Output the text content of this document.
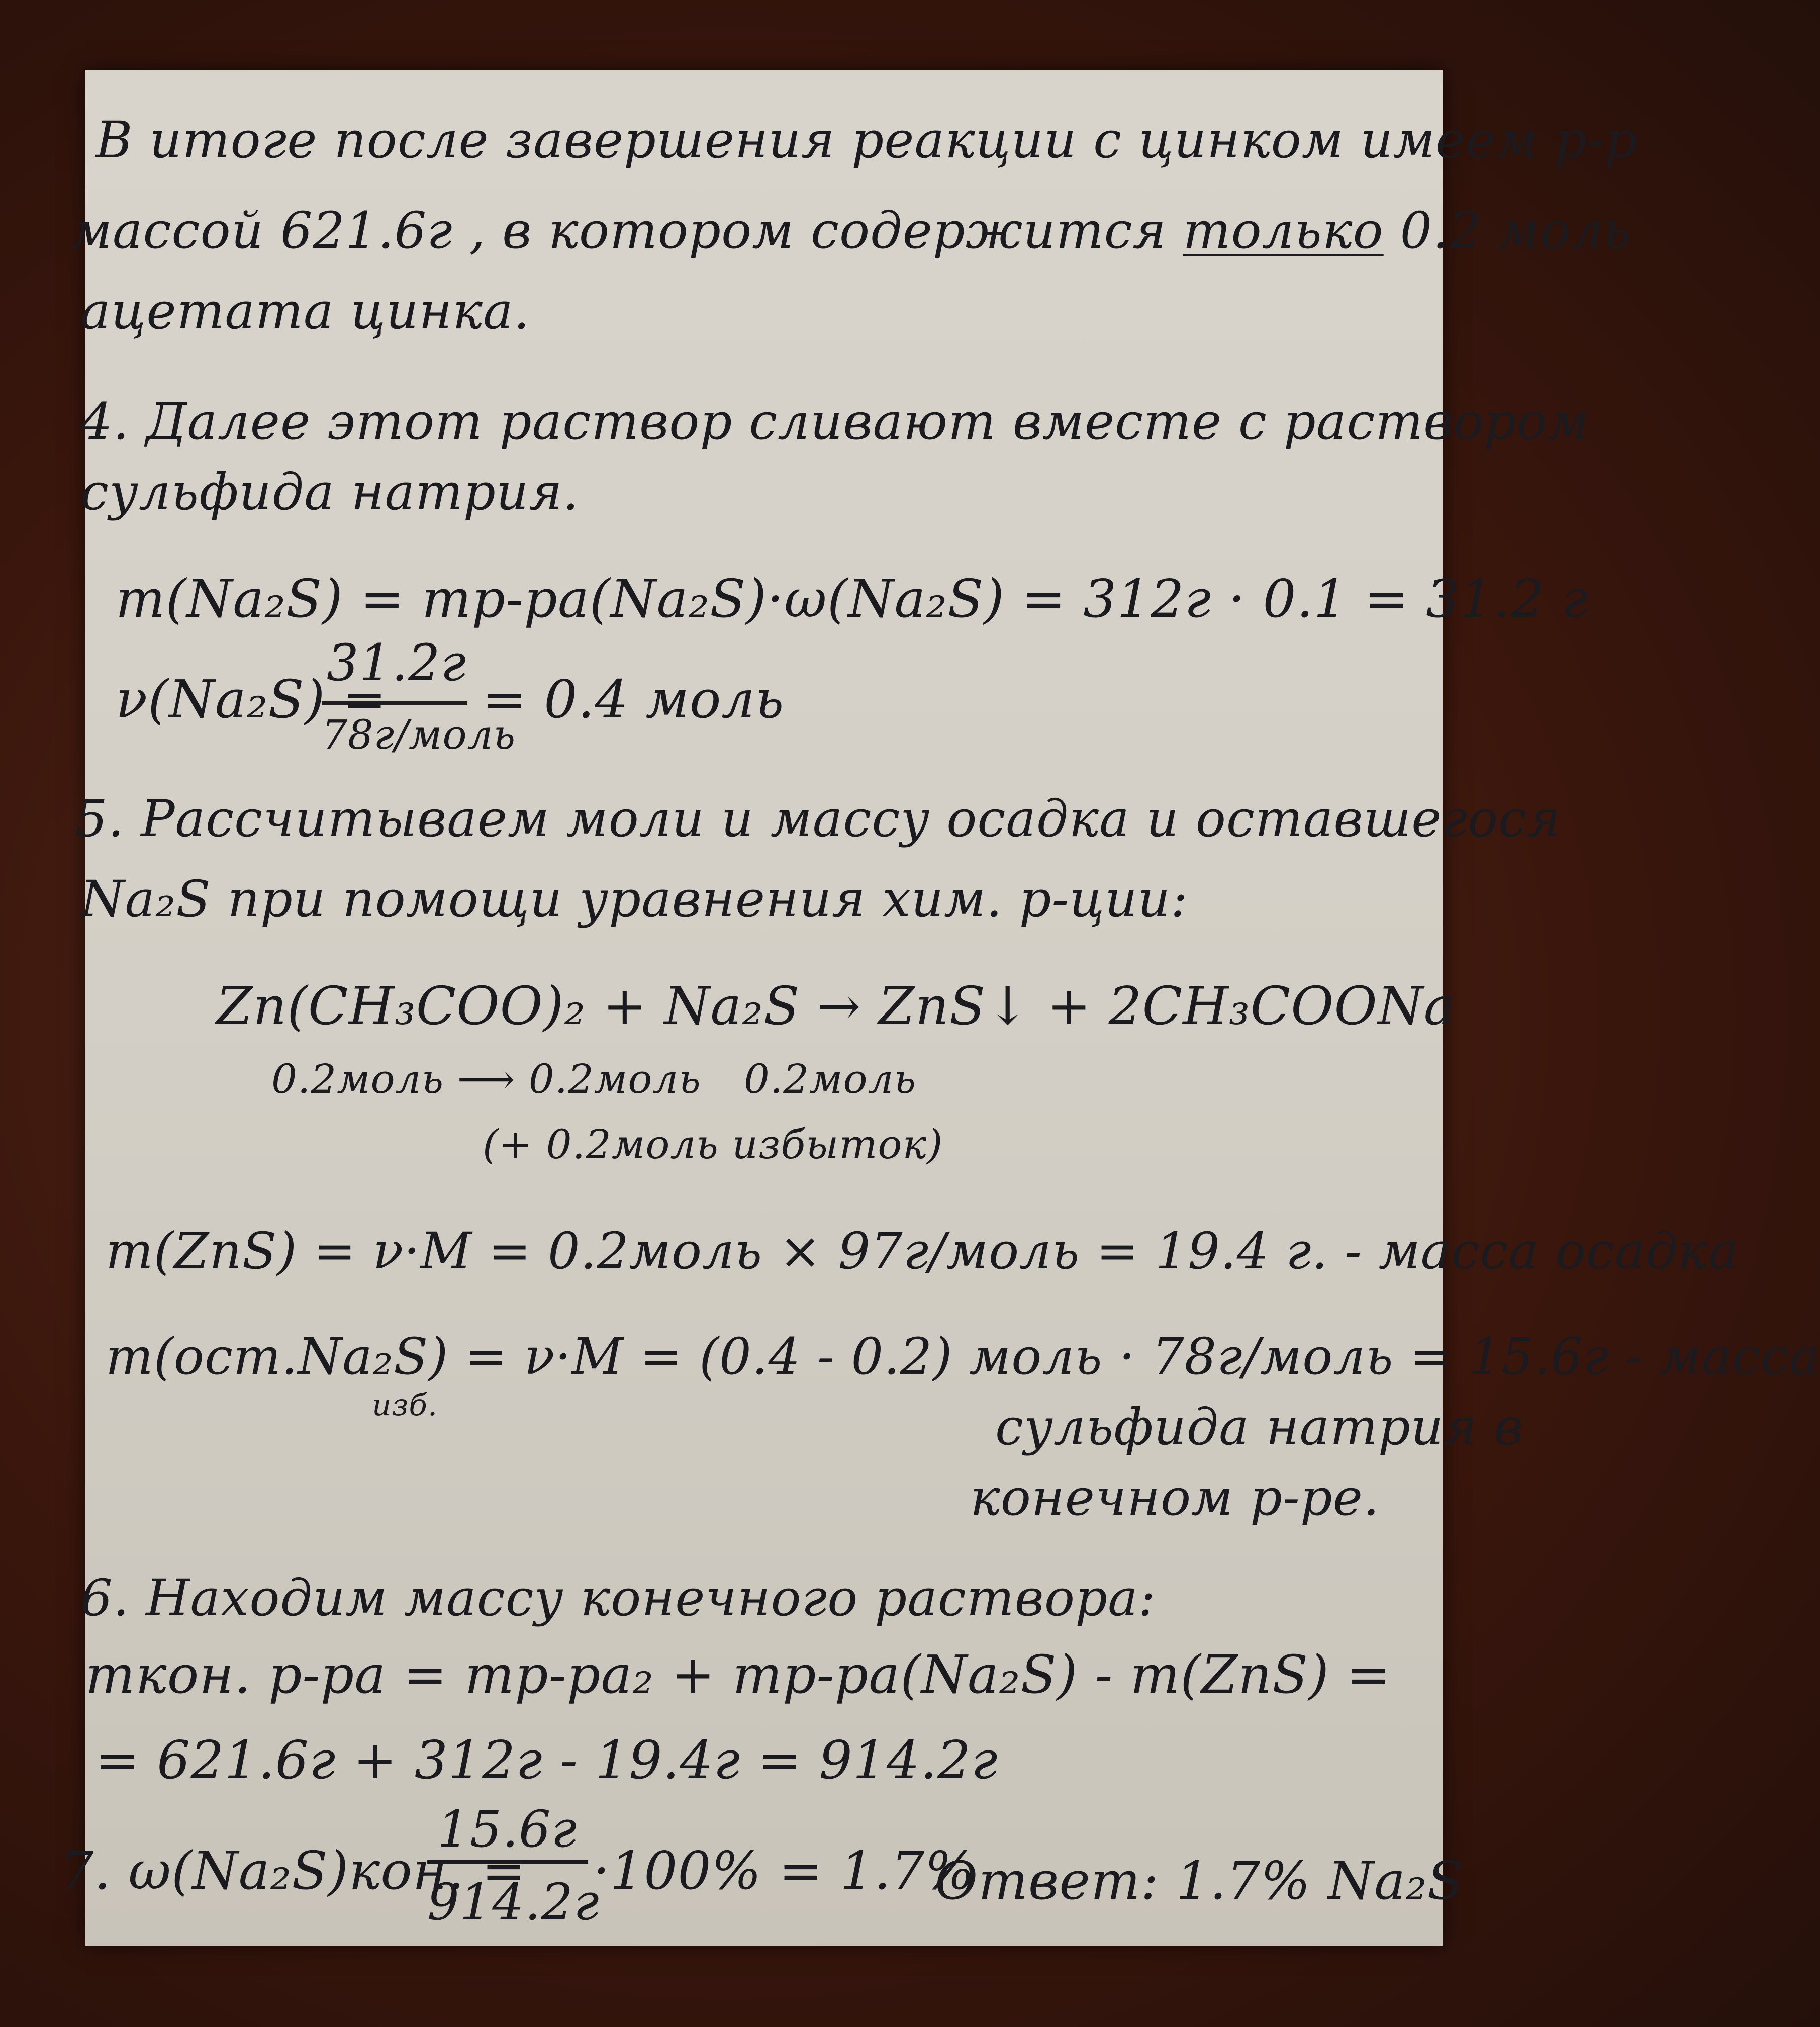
В итоге после завершения реакции с цинком имеем р-р
массой 621.6г , в котором содержится только 0.2 моль
ацетата цинка.
4. Далее этот раствор сливают вместе с раствором
сульфида натрия.
m(Na₂S) = mр-ра(Na₂S)·ω(Na₂S) = 312г · 0.1 = 31.2 г
ν(Na₂S) =
31.2г
78г/моль
= 0.4 моль
5. Рассчитываем моли и массу осадка и оставшегося
Na₂S при помощи уравнения хим. р-ции:
Zn(CH₃COO)₂ + Na₂S → ZnS↓ + 2CH₃COONa
0.2моль ⟶ 0.2моль 0.2моль
(+ 0.2моль избыток)
m(ZnS) = ν·M = 0.2моль × 97г/моль = 19.4 г. - масса осадка
m(ост.Na₂S) = ν·M = (0.4 - 0.2) моль · 78г/моль = 15.6г - масса
изб.	сульфида натрия в
конечном р-ре.
6. Находим массу конечного раствора:
mкон. р-ра = mр-ра₂ + mр-ра(Na₂S) - m(ZnS) =
= 621.6г + 312г - 19.4г = 914.2г
7. ω(Na₂S)кон. =
15.6г
914.2г
·100% = 1.7%
Ответ: 1.7% Na₂S
